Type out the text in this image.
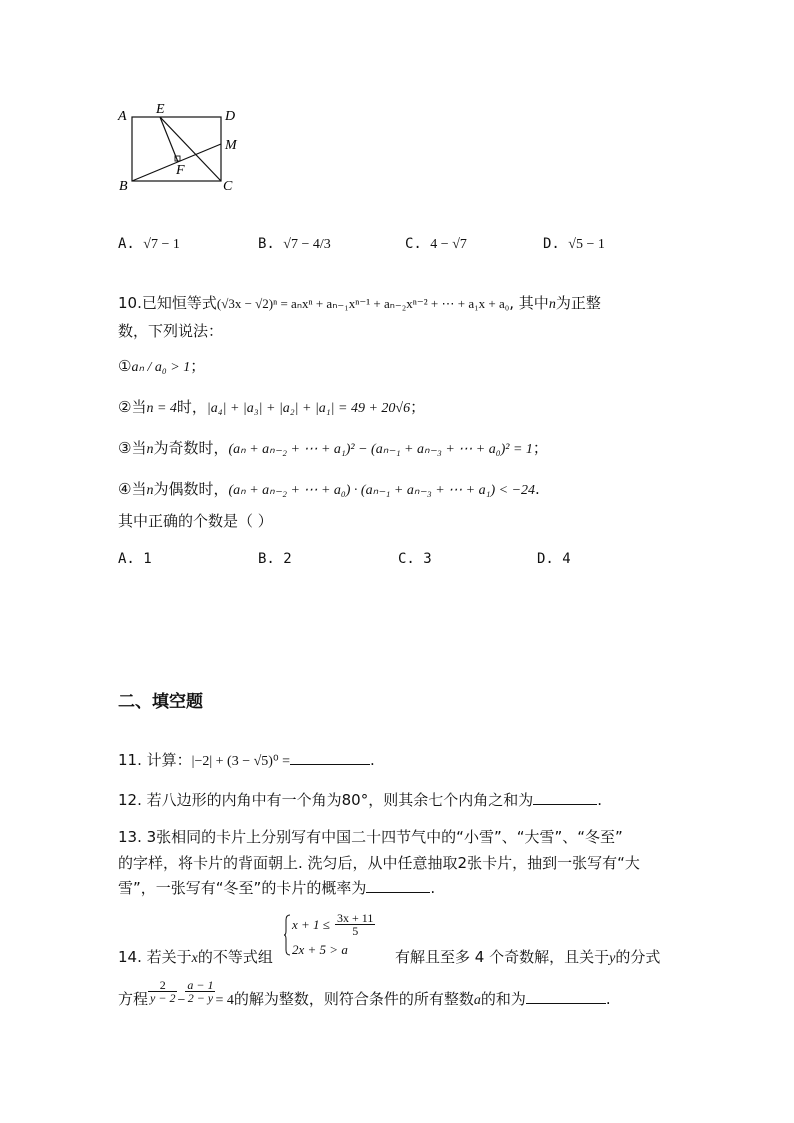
A E	D
M
F
B	C
A. √7 − 1	B. √7 − 4/3	C. 4 − √7	D. √5 − 1
10.已知恒等式(√3x − √2)ⁿ = aₙxⁿ + aₙ₋₁xⁿ⁻¹ + aₙ₋₂xⁿ⁻² + ⋯ + a₁x + a₀, 其中n为正整
数，下列说法：
①aₙ / a₀ > 1；
②当n = 4时，|a₄| + |a₃| + |a₂| + |a₁| = 49 + 20√6；
③当n为奇数时，(aₙ + aₙ₋₂ + ⋯ + a₁)² − (aₙ₋₁ + aₙ₋₃ + ⋯ + a₀)² = 1；
④当n为偶数时，(aₙ + aₙ₋₂ + ⋯ + a₀) · (aₙ₋₁ + aₙ₋₃ + ⋯ + a₁) < −24.
其中正确的个数是（ ）
A. 1	B. 2	C. 3	D. 4
二、填空题
11. 计算：|−2| + (3 − √5)⁰ =	.
12. 若八边形的内角中有一个角为80°，则其余七个内角之和为	.
13. 3张相同的卡片上分别写有中国二十四节气中的“小雪”、“大雪”、“冬至”
的字样，将卡片的背面朝上. 洗匀后，从中任意抽取2张卡片，抽到一张写有“大
雪”，一张写有“冬至”的卡片的概率为	.
$x + 1 \le \frac{3x + 11}{5}$
2x + 5 > a
14. 若关于x的不等式组	有解且至多 4 个奇数解，且关于y的分式
方程 $\frac{2}{y - 2} - \frac{a - 1}{2 - y} = 4$的解为整数，则符合条件的所有整数a的和为	.
